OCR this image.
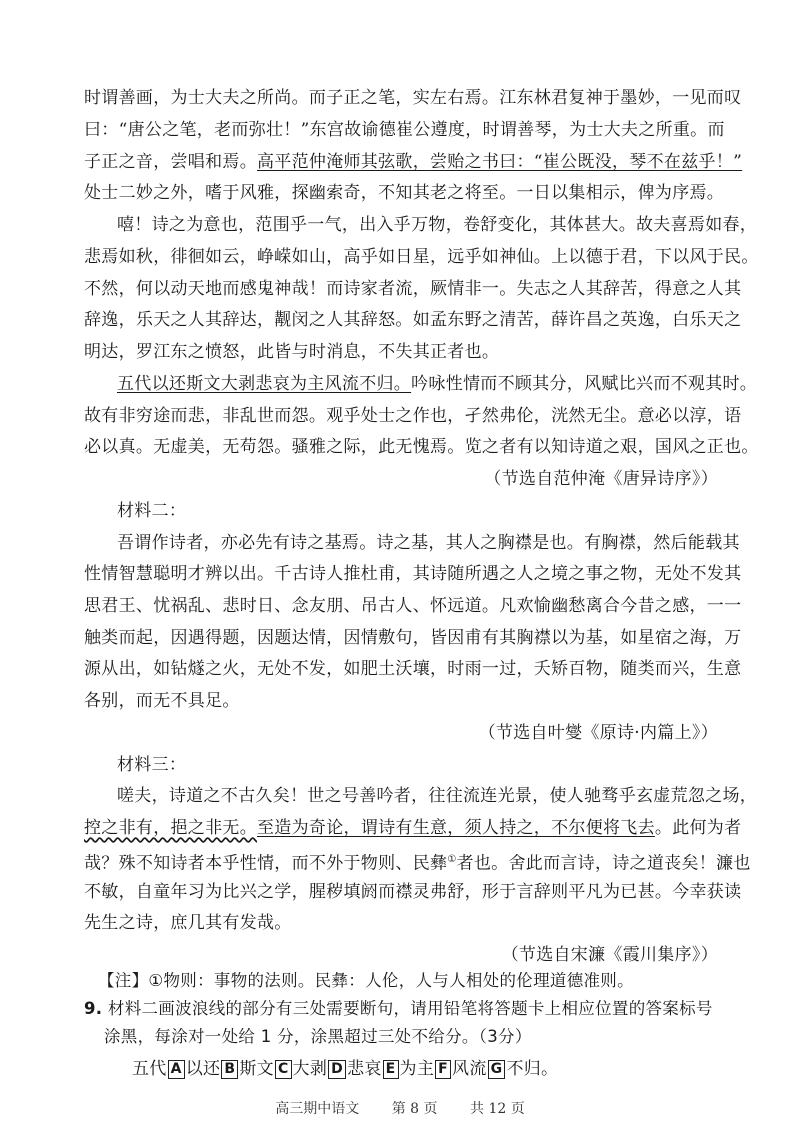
时谓善画，为士大夫之所尚。而子正之笔，实左右焉。江东林君复神于墨妙，一见而叹
曰：“唐公之笔，老而弥壮！”东宫故谕德崔公遵度，时谓善琴，为士大夫之所重。而
子正之音，尝唱和焉。高平范仲淹师其弦歌，尝贻之书曰：“崔公既没，琴不在兹乎！”
处士二妙之外，嗜于风雅，探幽索奇，不知其老之将至。一日以集相示，俾为序焉。
嘻！诗之为意也，范围乎一气，出入乎万物，卷舒变化，其体甚大。故夫喜焉如春，
悲焉如秋，徘徊如云，峥嵘如山，高乎如日星，远乎如神仙。上以德于君，下以风于民。
不然，何以动天地而感鬼神哉！而诗家者流，厥情非一。失志之人其辞苦，得意之人其
辞逸，乐天之人其辞达，觏闵之人其辞怒。如孟东野之清苦，薛许昌之英逸，白乐天之
明达，罗江东之愤怒，此皆与时消息，不失其正者也。
五代以还斯文大剥悲哀为主风流不归。吟咏性情而不顾其分，风赋比兴而不观其时。
故有非穷途而悲，非乱世而怨。观乎处士之作也，孑然弗伦，洸然无尘。意必以淳，语
必以真。无虚美，无苟怨。骚雅之际，此无愧焉。览之者有以知诗道之艰，国风之正也。
（节选自范仲淹《唐异诗序》）
材料二：
吾谓作诗者，亦必先有诗之基焉。诗之基，其人之胸襟是也。有胸襟，然后能载其
性情智慧聪明才辨以出。千古诗人推杜甫，其诗随所遇之人之境之事之物，无处不发其
思君王、忧祸乱、悲时日、念友朋、吊古人、怀远道。凡欢愉幽愁离合今昔之感，一一
触类而起，因遇得题，因题达情，因情敷句，皆因甫有其胸襟以为基，如星宿之海，万
源从出，如钻燧之火，无处不发，如肥土沃壤，时雨一过，夭矫百物，随类而兴，生意
各别，而无不具足。
（节选自叶燮《原诗·内篇上》）
材料三：
嗟夫，诗道之不古久矣！世之号善吟者，往往流连光景，使人驰骛乎玄虚荒忽之场，
控之非有，挹之非无。至造为奇论，谓诗有生意，须人持之，不尔便将飞去。此何为者
哉？殊不知诗者本乎性情，而不外于物则、民彝①者也。舍此而言诗，诗之道丧矣！濂也
不敏，自童年习为比兴之学，腥秽填阏而襟灵弗舒，形于言辞则平凡为已甚。今幸获读
先生之诗，庶几其有发哉。
（节选自宋濂《霞川集序》）
【注】①物则：事物的法则。民彝：人伦，人与人相处的伦理道德准则。
9. 材料二画波浪线的部分有三处需要断句，请用铅笔将答题卡上相应位置的答案标号
涂黑，每涂对一处给 1 分，涂黑超过三处不给分。（3分）
五代 A 以还 B 斯文 C 大剥 D 悲哀 E 为主 F 风流 G 不归。
高三期中语文 第 8 页 共 12 页
